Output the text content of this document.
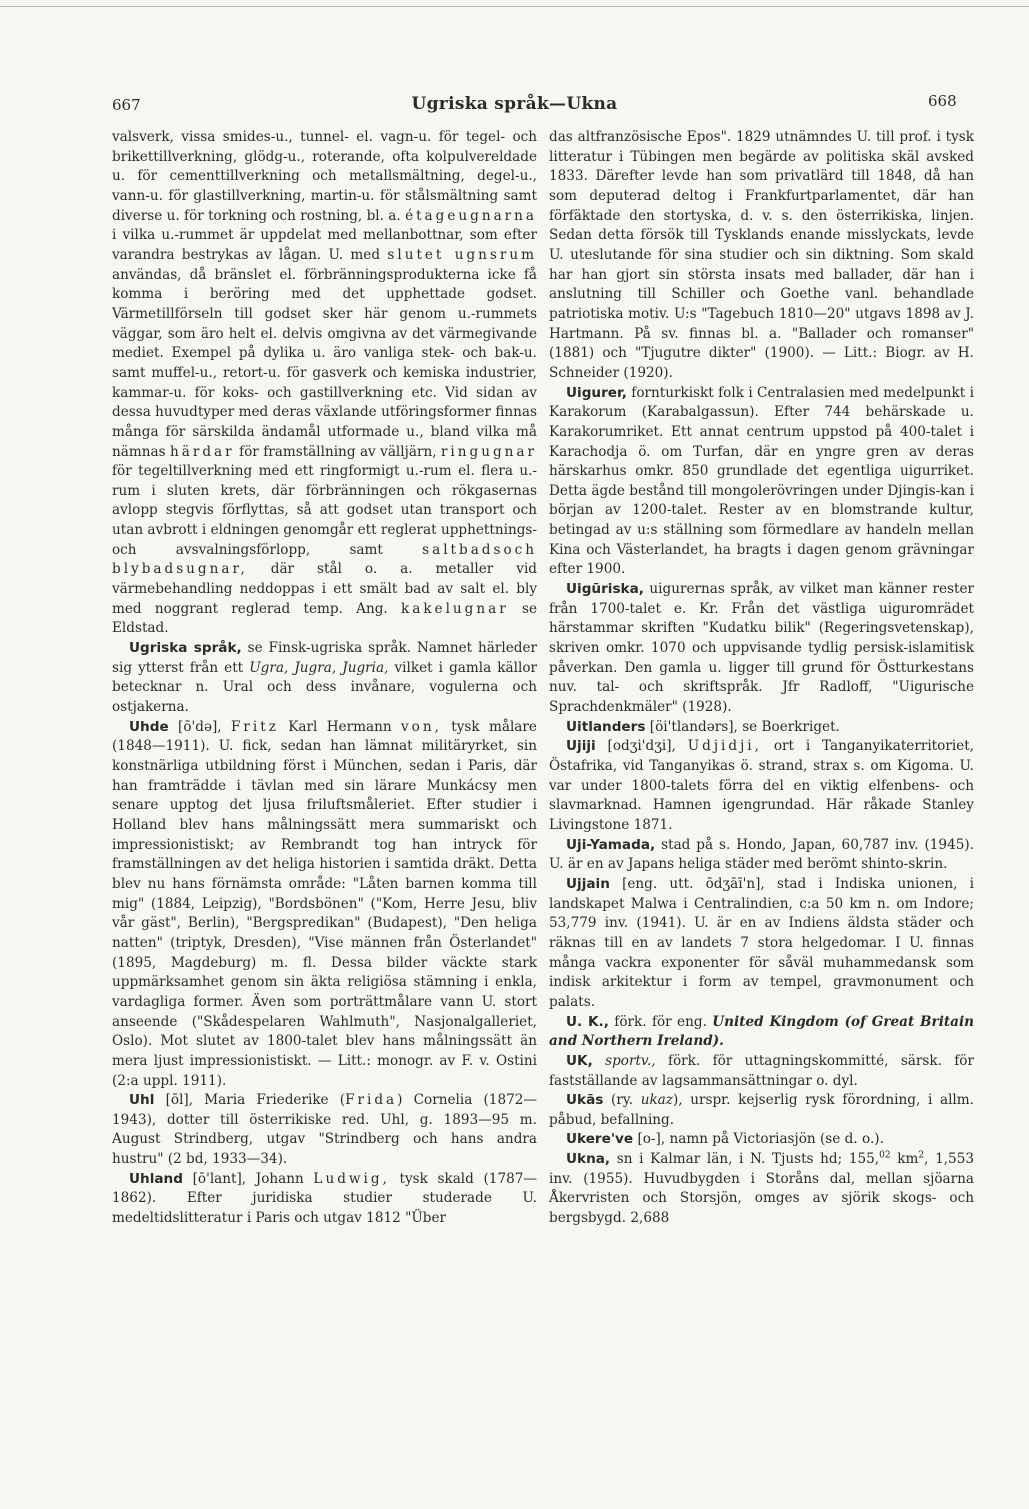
667	Ugriska språk—Ukna	668

valsverk, vissa smides-u., tunnel- el. vagn-u. för tegel- och brikettillverkning, glödg-u., roterande, ofta kolpulvereldade u. för cementtillverkning och metallsmältning, degel-u., vann-u. för glastillverkning, martin-u. för stålsmältning samt diverse u. för torkning och rostning, bl. a. étageugnarna i vilka u.-rummet är uppdelat med mellanbottnar, som efter varandra bestrykas av lågan. U. med slutet ugnsrum användas, då bränslet el. förbränningsprodukterna icke få komma i beröring med det upphettade godset. Värmetillförseln till godset sker här genom u.-rummets väggar, som äro helt el. delvis omgivna av det värmegivande mediet. Exempel på dylika u. äro vanliga stek- och bak-u. samt muffel-u., retort-u. för gasverk och kemiska industrier, kammar-u. för koks- och gastillverkning etc. Vid sidan av dessa huvudtyper med deras växlande utföringsformer finnas många för särskilda ändamål utformade u., bland vilka må nämnas härdar för framställning av välljärn, ringugnar för tegeltillverkning med ett ringformigt u.-rum el. flera u.-rum i sluten krets, där förbränningen och rökgasernas avlopp stegvis förflyttas, så att godset utan transport och utan avbrott i eldningen genomgår ett reglerat upphettnings- och avsvalningsförlopp, samt	saltbadsoch blybadsugnar, där stål o. a. metaller vid värmebehandling neddoppas i ett smält bad av salt el. bly med noggrant reglerad temp. Ang. kakelugnar se Eldstad.

Ugriska språk, se Finsk-ugriska språk. Namnet härleder sig ytterst från ett Ugra, Jugra, Jugria, vilket i gamla källor betecknar n. Ural och dess invånare, vogulerna och ostjakerna.

Uhde [ō'də], Fritz Karl Hermann von, tysk målare (1848—1911). U. fick, sedan han lämnat militäryrket, sin konstnärliga utbildning först i München, sedan i Paris, där han framträdde i tävlan med sin lärare Munkácsy men senare upptog det ljusa friluftsmåleriet. Efter studier i Holland blev hans målningssätt mera summariskt och impressionistiskt; av Rembrandt tog han intryck för framställningen av det heliga historien i samtida dräkt. Detta blev nu hans förnämsta område: "Låten barnen komma till mig" (1884, Leipzig), "Bordsbönen" ("Kom, Herre Jesu, bliv vår gäst", Berlin), "Bergspredikan" (Budapest), "Den heliga natten" (triptyk, Dresden), "Vise männen från Österlandet" (1895, Magdeburg) m. fl. Dessa bilder väckte stark uppmärksamhet genom sin äkta religiösa stämning i enkla, vardagliga former. Även som porträttmålare vann U. stort anseende ("Skådespelaren Wahlmuth", Nasjonalgalleriet, Oslo). Mot slutet av 1800-talet blev hans målningssätt än mera ljust impressionistiskt. — Litt.: monogr. av F. v. Ostini (2:a uppl. 1911).

Uhl [ōl], Maria Friederike (Frida) Cornelia (1872—1943), dotter till österrikiske red. Uhl, g. 1893—95 m. August Strindberg, utgav "Strindberg och hans andra hustru" (2 bd, 1933—34).

Uhland [ō'lant], Johann Ludwig, tysk skald (1787—1862). Efter juridiska studier studerade U. medeltidslitteratur i Paris och utgav 1812 "Über

das altfranzösische Epos". 1829 utnämndes U. till prof. i tysk litteratur i Tübingen men begärde av politiska skäl avsked 1833. Därefter levde han som privatlärd till 1848, då han som deputerad deltog i Frankfurtparlamentet, där han förfäktade den stortyska, d. v. s. den österrikiska, linjen. Sedan detta försök till Tysklands enande misslyckats, levde U. uteslutande för sina studier och sin diktning. Som skald har han gjort sin största insats med ballader, där han i anslutning till Schiller och Goethe vanl. behandlade patriotiska motiv. U:s "Tagebuch 1810—20" utgavs 1898 av J. Hartmann. På sv. finnas bl. a. "Ballader och romanser" (1881) och "Tjugutre dikter" (1900). — Litt.: Biogr. av H. Schneider (1920).

Uigurer, fornturkiskt folk i Centralasien med medelpunkt i Karakorum (Karabalgassun). Efter 744 behärskade u. Karakorumriket. Ett annat centrum uppstod på 400-talet i Karachodja ö. om Turfan, där en yngre gren av deras härskarhus omkr. 850 grundlade det egentliga uigurriket. Detta ägde bestånd till mongolerövringen under Djingis-kan i början av 1200-talet. Rester av en blomstrande kultur, betingad av u:s ställning som förmedlare av handeln mellan Kina och Västerlandet, ha bragts i dagen genom grävningar efter 1900.

Uigūriska, uigurernas språk, av vilket man känner rester från 1700-talet e. Kr. Från det västliga uiguromrädet härstammar skriften "Kudatku bilik" (Regeringsvetenskap), skriven omkr. 1070 och uppvisande tydlig persisk-islamitisk påverkan. Den gamla u. ligger till grund för Östturkestans nuv. tal- och skriftspråk. Jfr Radloff, "Uigurische Sprachdenkmäler" (1928).

Uitlanders [öi'tlandərs], se Boerkriget.

Ujiji [odʒi'dʒi], Udjidji, ort i Tanganyikaterritoriet, Östafrika, vid Tanganyikas ö. strand, strax s. om Kigoma. U. var under 1800-talets förra del en viktig elfenbens- och slavmarknad. Hamnen igengrundad. Här råkade Stanley Livingstone 1871.

Uji-Yamada, stad på s. Hondo, Japan, 60,787 inv. (1945). U. är en av Japans heliga städer med berömt shinto-skrin.

Ujjain [eng. utt. ōdʒāī'n], stad i Indiska unionen, i landskapet Malwa i Centralindien, c:a 50 km n. om Indore; 53,779 inv. (1941). U. är en av Indiens äldsta städer och räknas till en av landets 7 stora helgedomar. I U. finnas många vackra exponenter för såväl muhammedansk som indisk arkitektur i form av tempel, gravmonument och palats.

U. K., förk. för eng. United Kingdom (of Great Britain and Northern Ireland).

UK, sportv., förk. för uttagningskommitté, särsk. för fastställande av lagsammansättningar o. dyl.

Ukās (ry. ukaz), urspr. kejserlig rysk förordning, i allm. påbud, befallning.

Ukere've [o-], namn på Victoriasjön (se d. o.).

Ukna, sn i Kalmar län, i N. Tjusts hd; 155,02 $km^2$, 1,553 inv. (1955). Huvudbygden i Storåns dal, mellan sjöarna Åkervristen och Storsjön, omges av sjörik skogs- och bergsbygd. 2,688
